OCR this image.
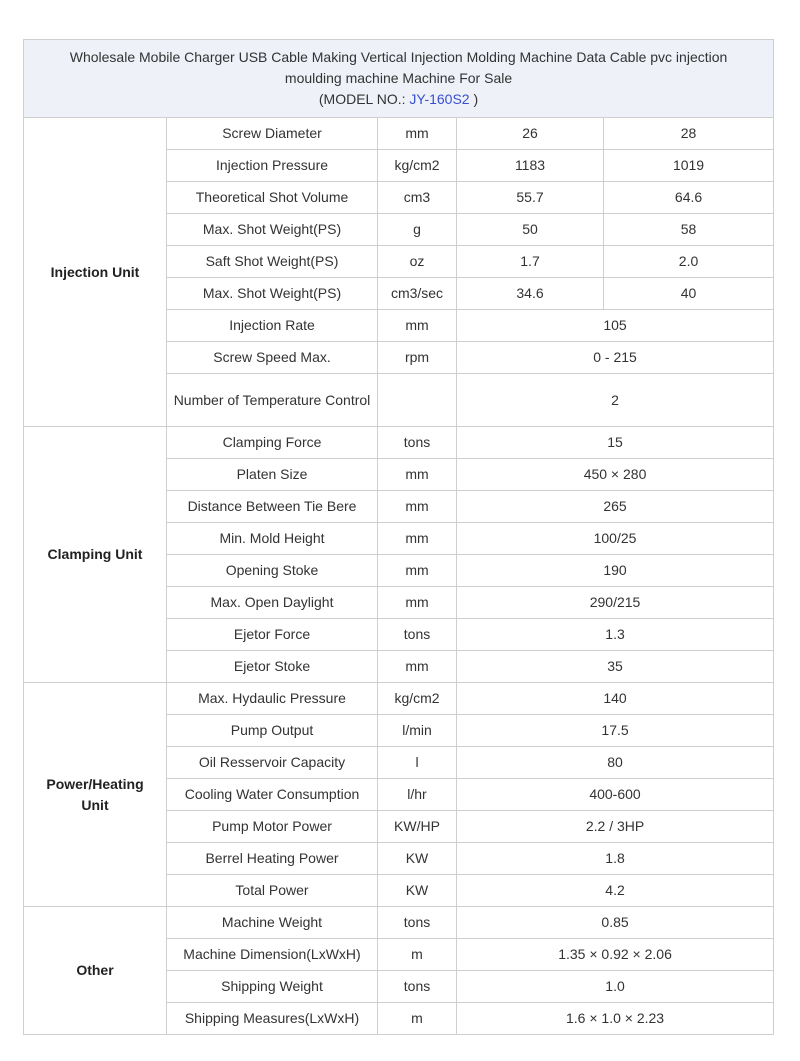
Wholesale Mobile Charger USB Cable Making Vertical Injection Molding Machine Data Cable pvc injection moulding machine Machine For Sale
(MODEL NO.: JY-160S2 )				
Injection Unit	Screw Diameter	mm	26	28
	Injection Pressure	kg/cm2	1183	1019
	Theoretical Shot Volume	cm3	55.7	64.6
	Max. Shot Weight(PS)	g	50	58
	Saft Shot Weight(PS)	oz	1.7	2.0
	Max. Shot Weight(PS)	cm3/sec	34.6	40
	Injection Rate	mm	105	
	Screw Speed Max.	rpm	0 - 215	
	Number of Temperature Control		2	
Clamping Unit	Clamping Force	tons	15	
	Platen Size	mm	450 × 280	
	Distance Between Tie Bere	mm	265	
	Min. Mold Height	mm	100/25	
	Opening Stoke	mm	190	
	Max. Open Daylight	mm	290/215	
	Ejetor Force	tons	1.3	
	Ejetor Stoke	mm	35	
Power/Heating Unit	Max. Hydaulic Pressure	kg/cm2	140	
	Pump Output	l/min	17.5	
	Oil Resservoir Capacity	l	80	
	Cooling Water Consumption	l/hr	400-600	
	Pump Motor Power	KW/HP	2.2 / 3HP	
	Berrel Heating Power	KW	1.8	
	Total Power	KW	4.2	
Other	Machine Weight	tons	0.85	
	Machine Dimension(LxWxH)	m	1.35 × 0.92 × 2.06	
	Shipping Weight	tons	1.0	
	Shipping Measures(LxWxH)	m	1.6 × 1.0 × 2.23	
